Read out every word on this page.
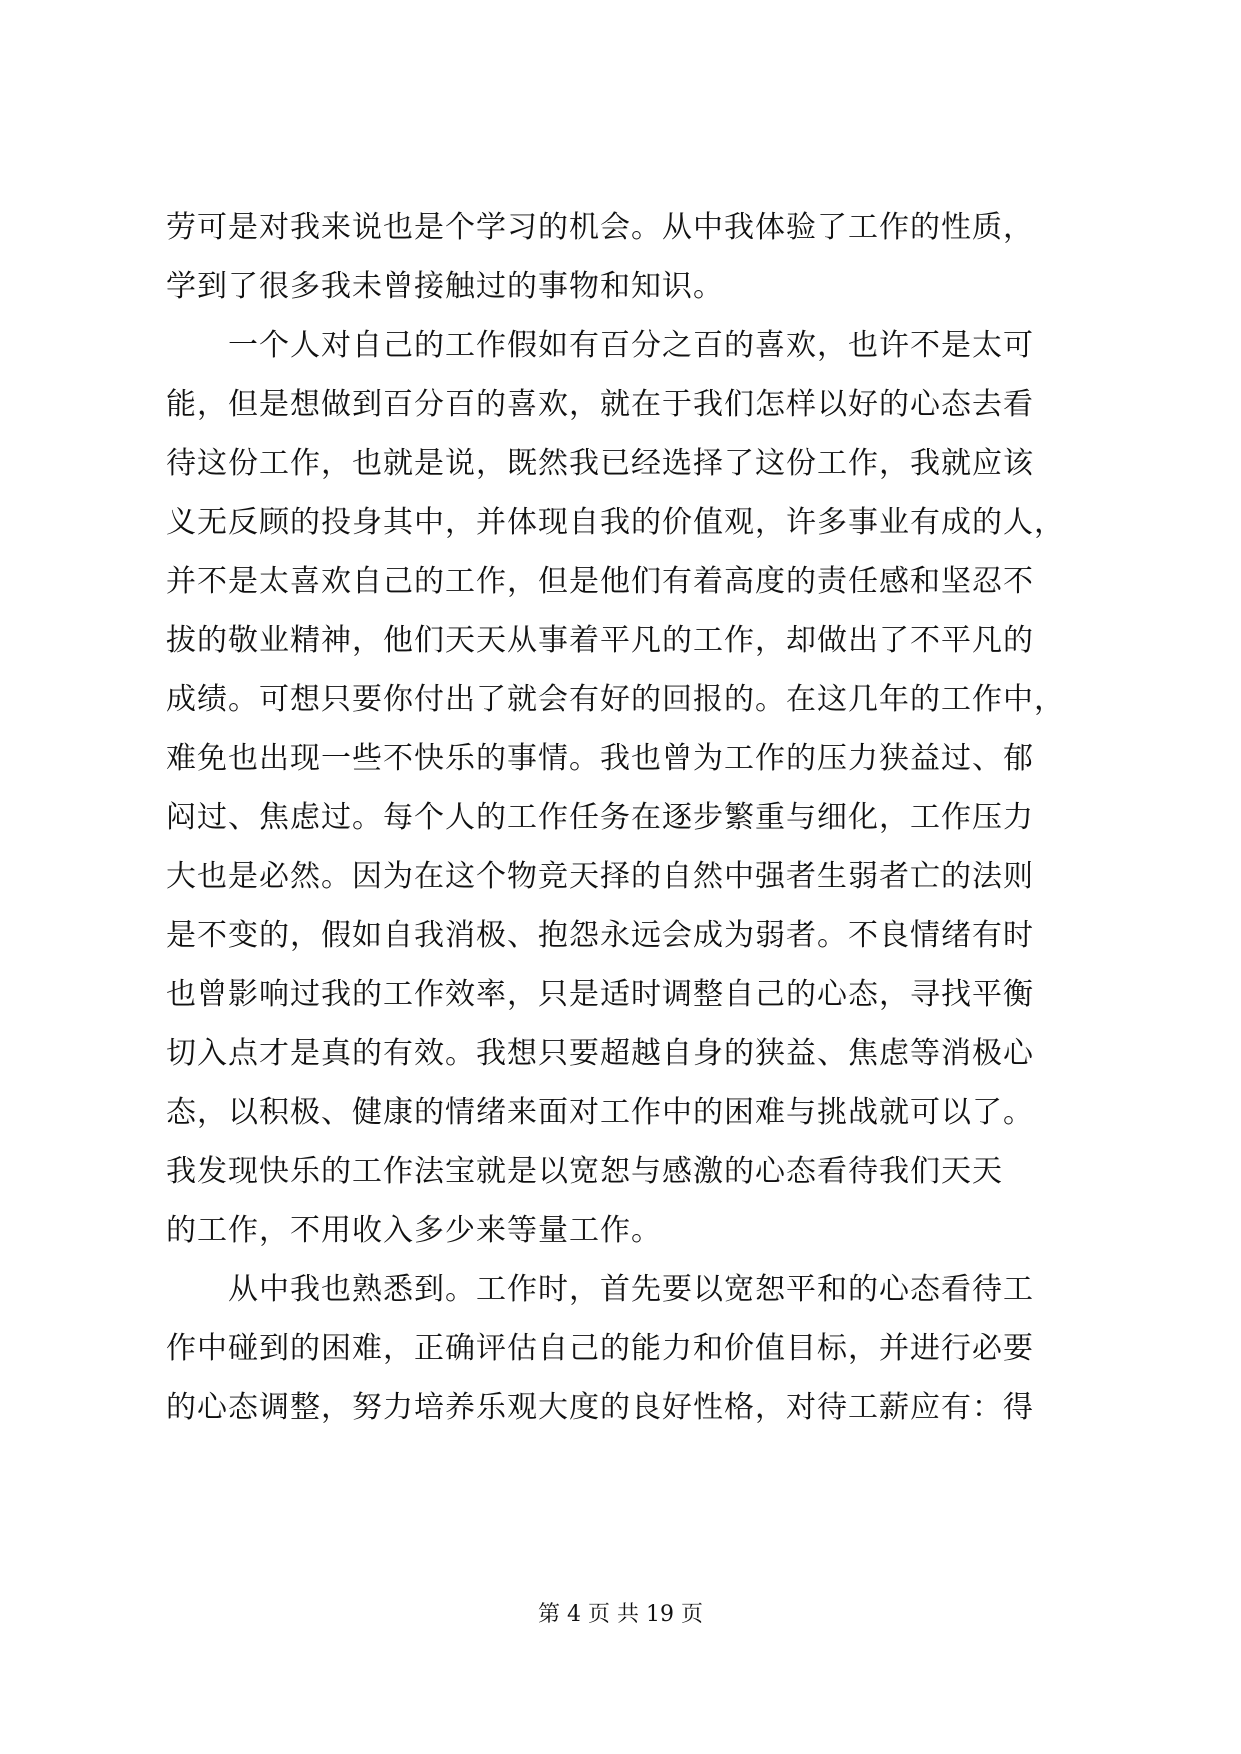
劳可是对我来说也是个学习的机会。从中我体验了工作的性质，
学到了很多我未曾接触过的事物和知识。
　　一个人对自己的工作假如有百分之百的喜欢，也许不是太可
能，但是想做到百分百的喜欢，就在于我们怎样以好的心态去看
待这份工作，也就是说，既然我已经选择了这份工作，我就应该
义无反顾的投身其中，并体现自我的价值观，许多事业有成的人，
并不是太喜欢自己的工作，但是他们有着高度的责任感和坚忍不
拔的敬业精神，他们天天从事着平凡的工作，却做出了不平凡的
成绩。可想只要你付出了就会有好的回报的。在这几年的工作中，
难免也出现一些不快乐的事情。我也曾为工作的压力狭益过、郁
闷过、焦虑过。每个人的工作任务在逐步繁重与细化，工作压力
大也是必然。因为在这个物竞天择的自然中强者生弱者亡的法则
是不变的，假如自我消极、抱怨永远会成为弱者。不良情绪有时
也曾影响过我的工作效率，只是适时调整自己的心态，寻找平衡
切入点才是真的有效。我想只要超越自身的狭益、焦虑等消极心
态，以积极、健康的情绪来面对工作中的困难与挑战就可以了。
我发现快乐的工作法宝就是以宽恕与感激的心态看待我们天天
的工作，不用收入多少来等量工作。
　　从中我也熟悉到。工作时，首先要以宽恕平和的心态看待工
作中碰到的困难，正确评估自己的能力和价值目标，并进行必要
的心态调整，努力培养乐观大度的良好性格，对待工薪应有：得
第 4 页 共 19 页
